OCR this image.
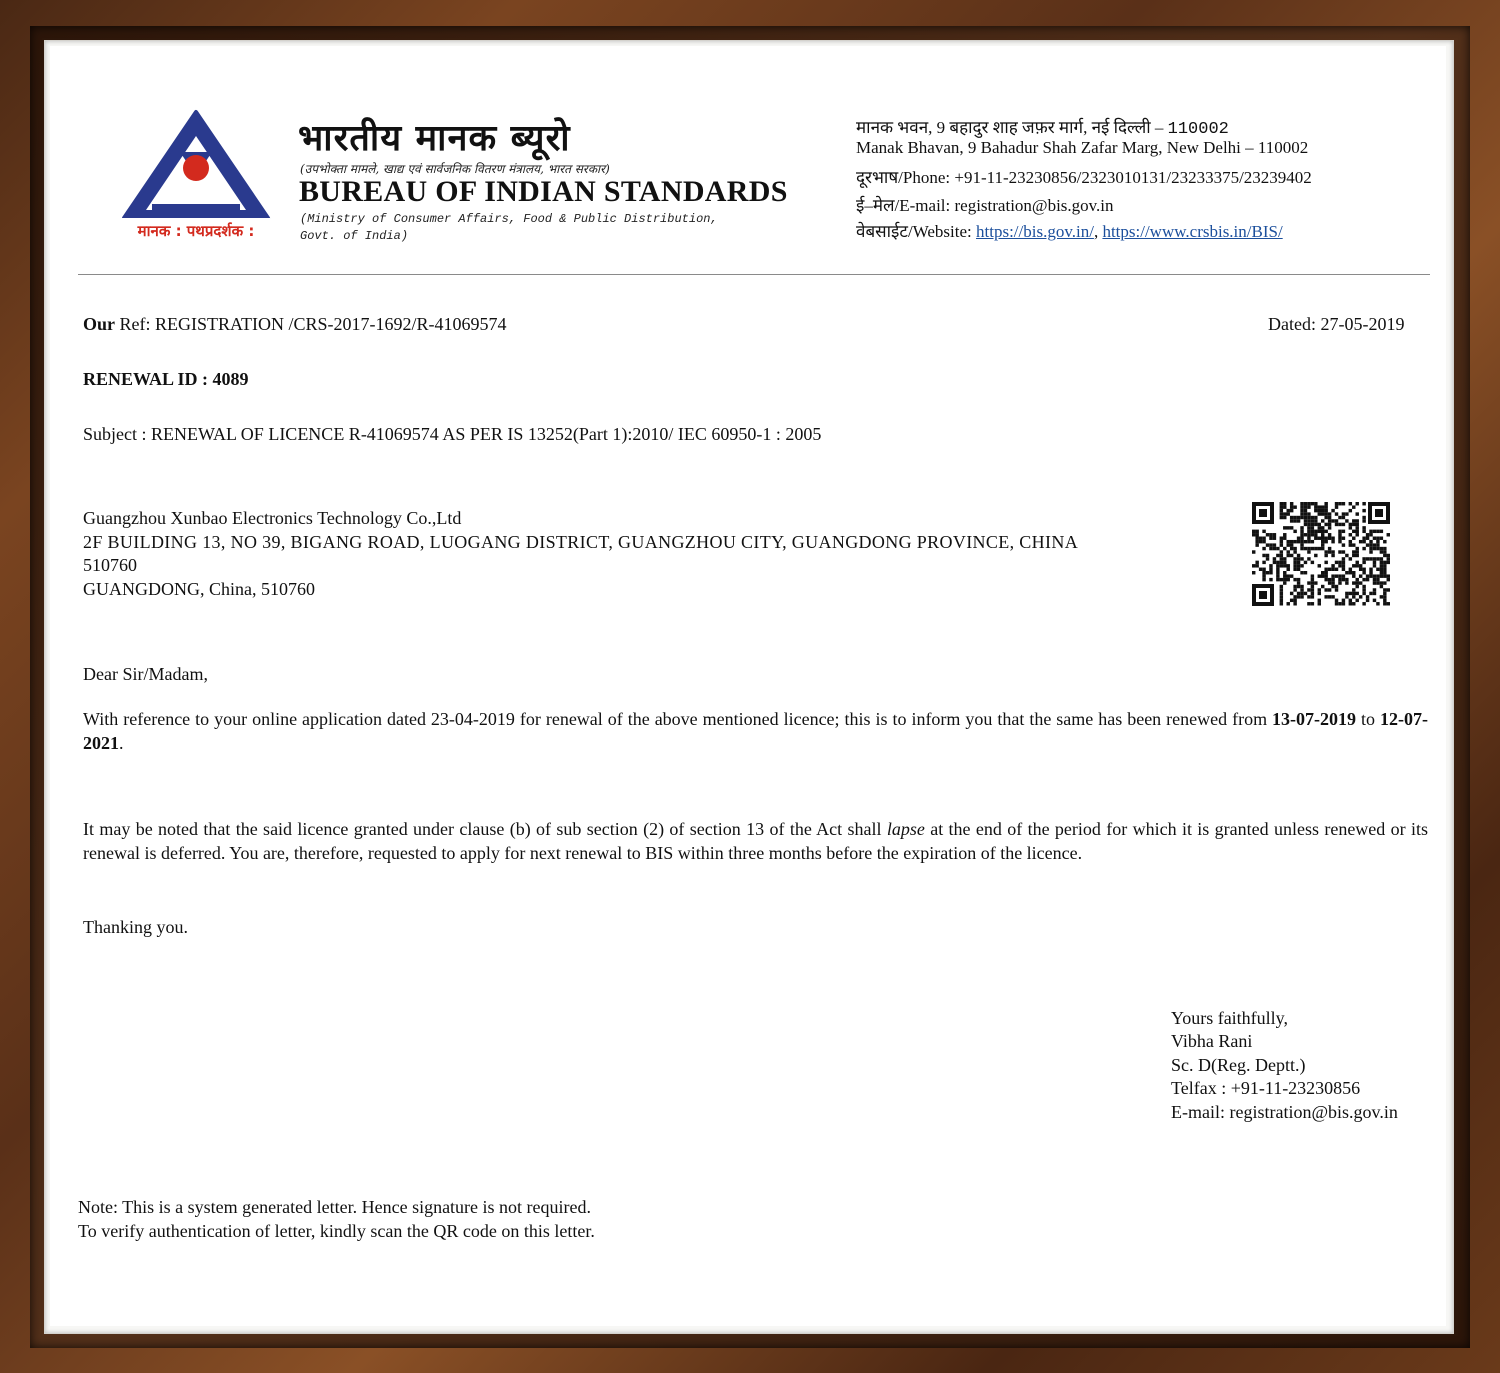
मानक : पथप्रदर्शक :
भारतीय मानक ब्यूरो
(उपभोक्ता मामले, खाद्य एवं सार्वजनिक वितरण मंत्रालय, भारत सरकार)
BUREAU OF INDIAN STANDARDS
(Ministry of Consumer Affairs, Food & Public Distribution,
Govt. of India)
मानक भवन, 9 बहादुर शाह जफ़र मार्ग, नई दिल्ली – 110002
Manak Bhavan, 9 Bahadur Shah Zafar Marg, New Delhi – 110002
दूरभाष/Phone: +91-11-23230856/2323010131/23233375/23239402
ई–मेल/E-mail: registration@bis.gov.in
वेबसाईट/Website: https://bis.gov.in/, https://www.crsbis.in/BIS/
Our Ref: REGISTRATION /CRS-2017-1692/R-41069574	Dated: 27-05-2019
RENEWAL ID : 4089
Subject : RENEWAL OF LICENCE R-41069574 AS PER IS 13252(Part 1):2010/ IEC 60950-1 : 2005
Guangzhou Xunbao Electronics Technology Co.,Ltd
2F BUILDING 13, NO 39, BIGANG ROAD, LUOGANG DISTRICT, GUANGZHOU CITY, GUANGDONG PROVINCE, CHINA
510760
GUANGDONG, China, 510760
Dear Sir/Madam,
With reference to your online application dated 23-04-2019 for renewal of the above mentioned licence; this is to inform you that the same has been renewed from 13-07-2019 to 12-07-2021.
It may be noted that the said licence granted under clause (b) of sub section (2) of section 13 of the Act shall lapse at the end of the period for which it is granted unless renewed or its renewal is deferred. You are, therefore, requested to apply for next renewal to BIS within three months before the expiration of the licence.
Thanking you.
Yours faithfully,
Vibha Rani
Sc. D(Reg. Deptt.)
Telfax : +91-11-23230856
E-mail: registration@bis.gov.in
Note: This is a system generated letter. Hence signature is not required.
To verify authentication of letter, kindly scan the QR code on this letter.
